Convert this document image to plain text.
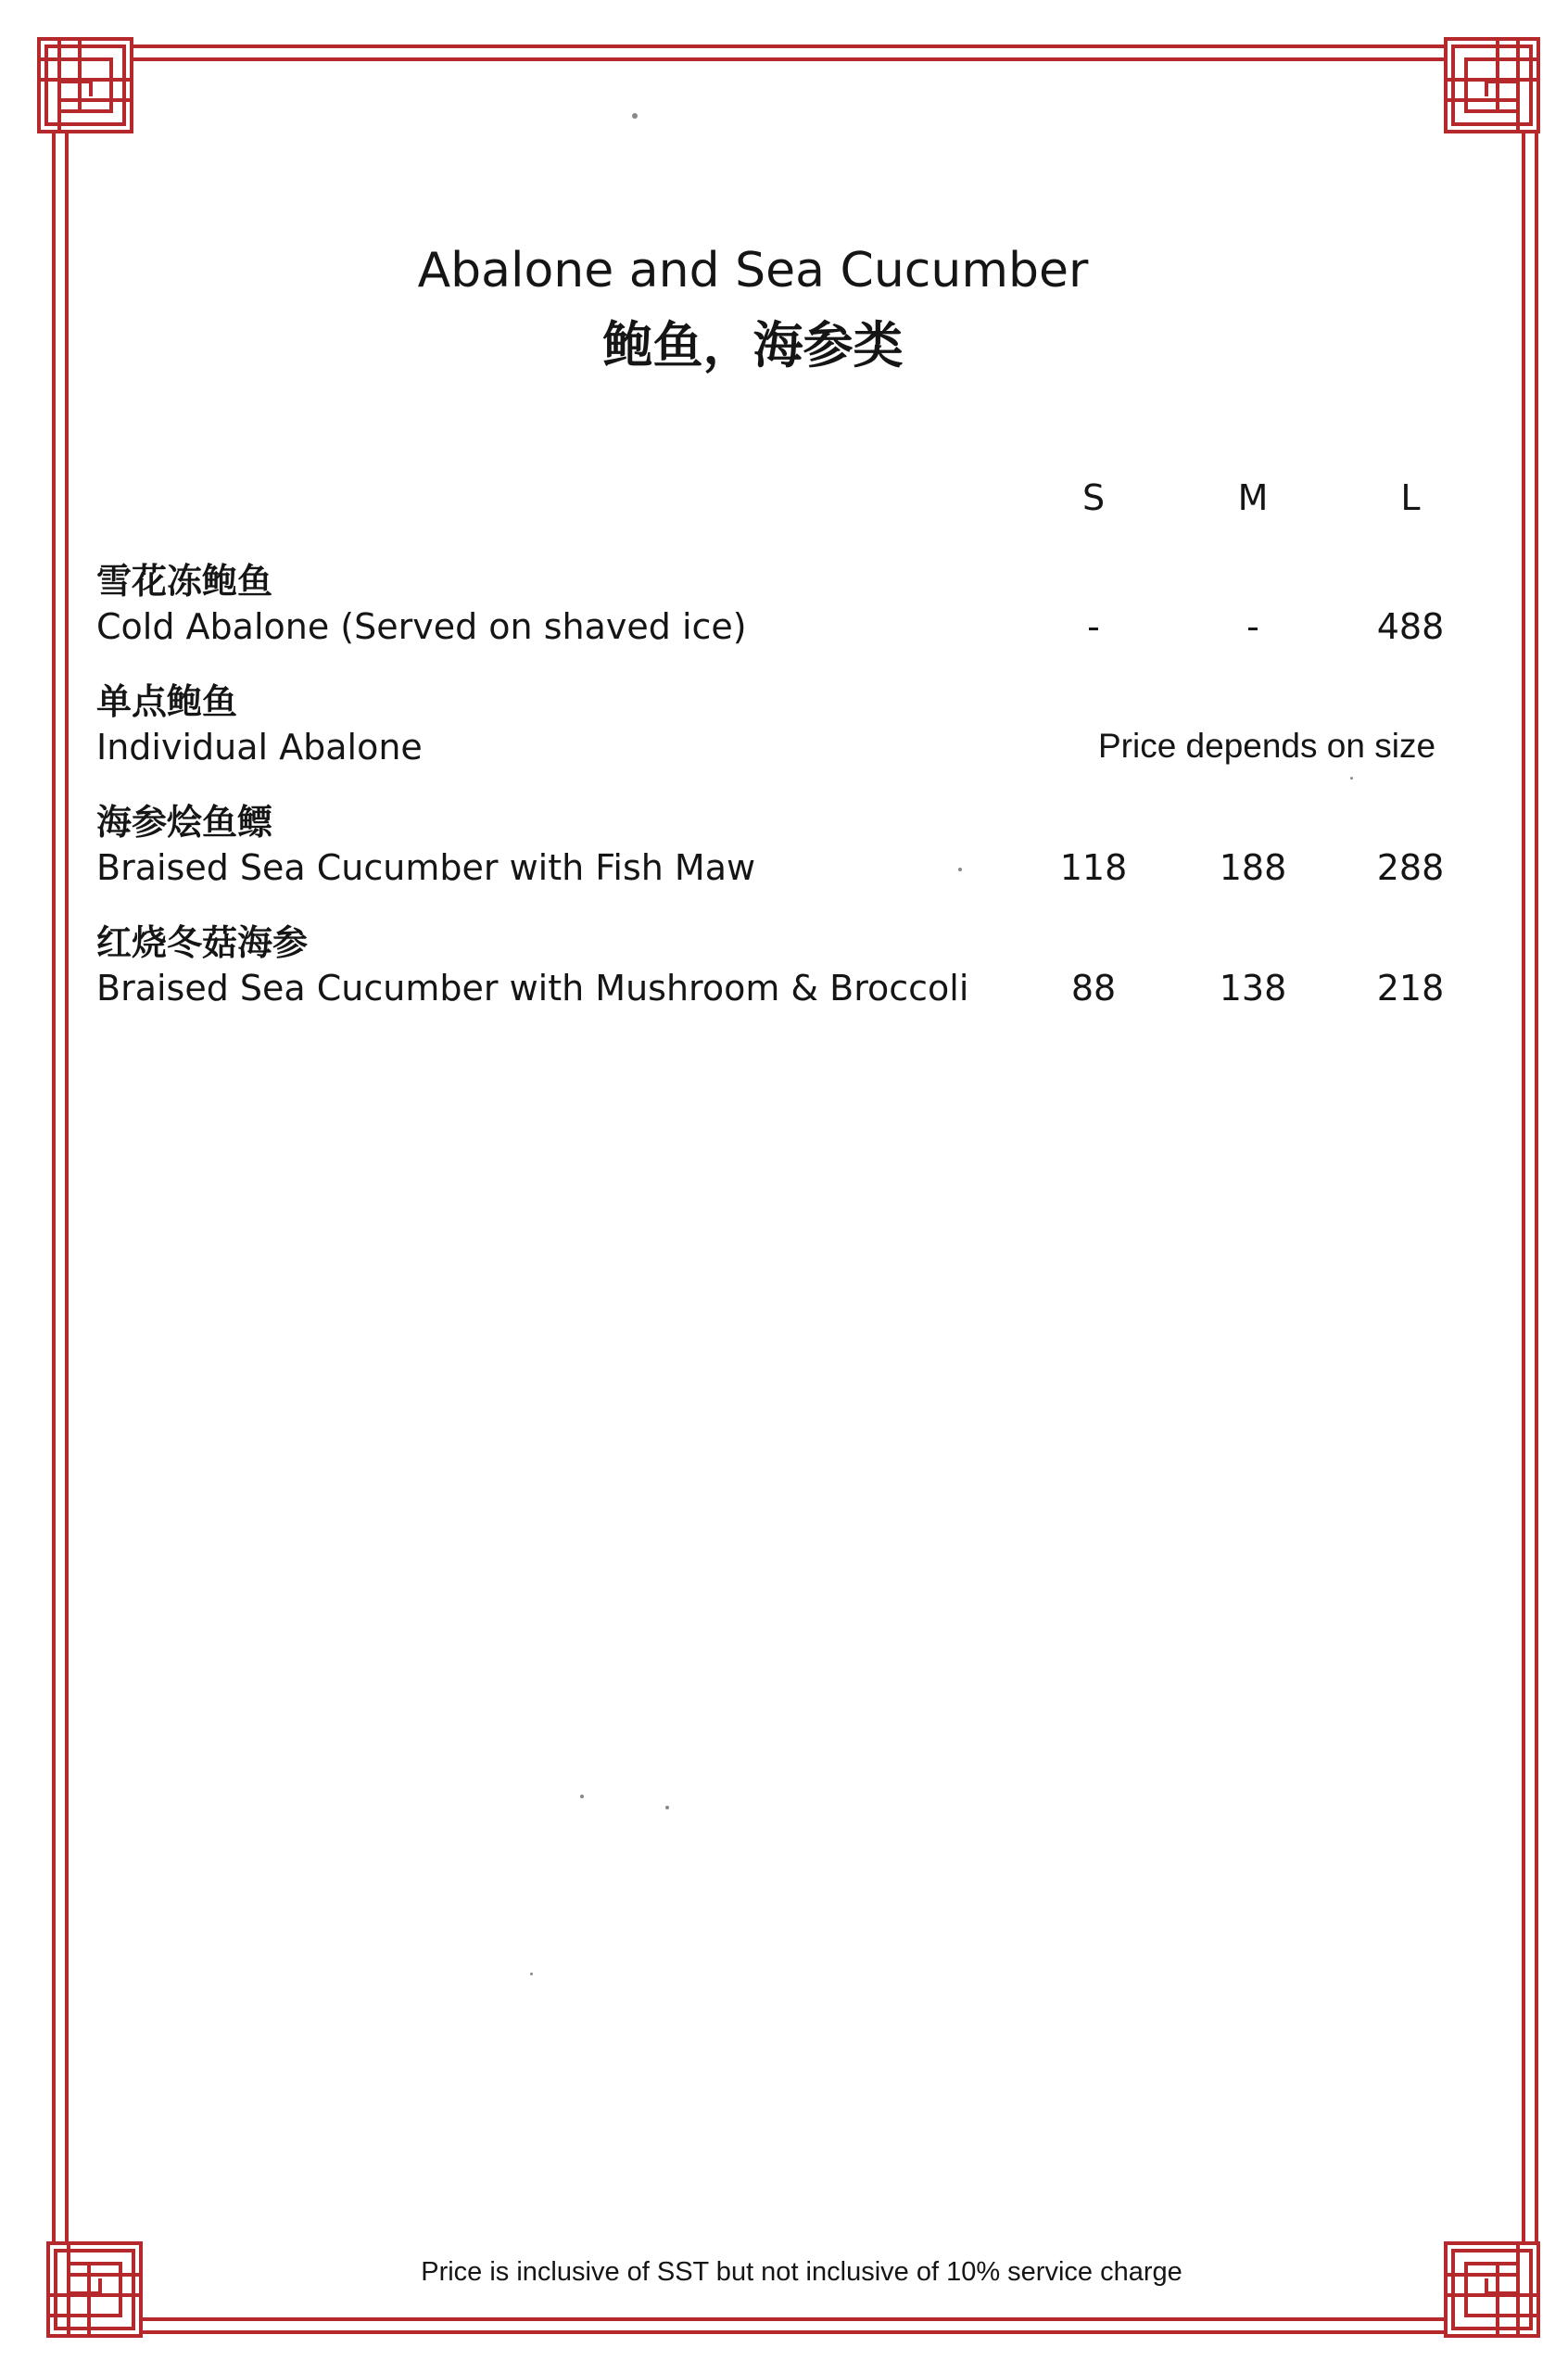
Abalone and Sea Cucumber
鲍鱼，海参类
S	M	L
雪花冻鲍鱼
Cold Abalone (Served on shaved ice)	-	-	488
单点鲍鱼
Individual Abalone	Price depends on size
海参烩鱼鳔
Braised Sea Cucumber with Fish Maw	118	188	288
红烧冬菇海参
Braised Sea Cucumber with Mushroom & Broccoli	88	138	218
Price is inclusive of SST but not inclusive of 10% service charge
